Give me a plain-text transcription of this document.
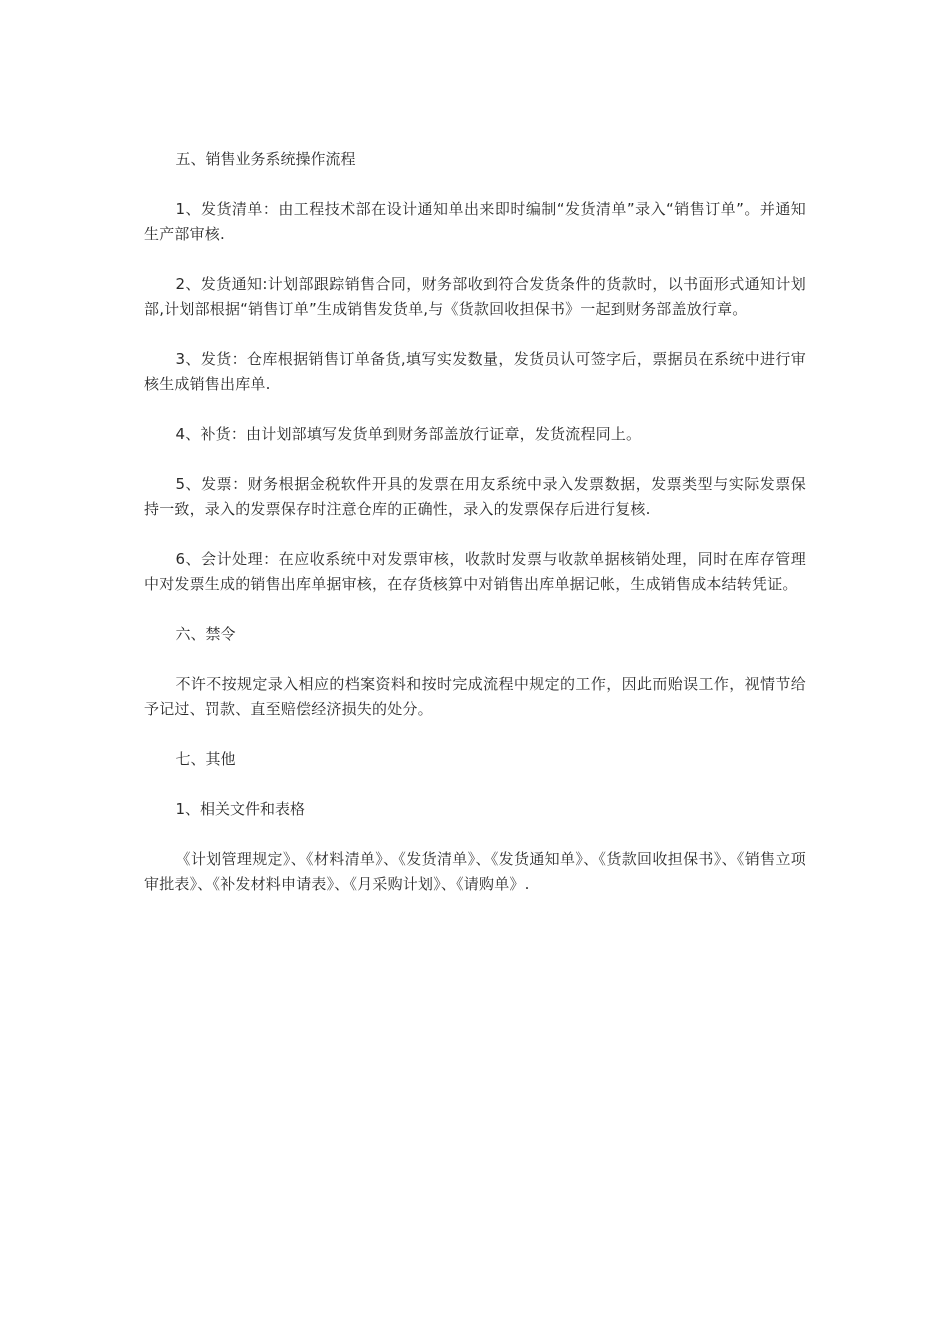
五、销售业务系统操作流程

1、发货清单：由工程技术部在设计通知单出来即时编制“发货清单”录入“销售订单”。并通知生产部审核.

2、发货通知:计划部跟踪销售合同，财务部收到符合发货条件的货款时，以书面形式通知计划部,计划部根据“销售订单”生成销售发货单,与《货款回收担保书》一起到财务部盖放行章。

3、发货：仓库根据销售订单备货,填写实发数量，发货员认可签字后，票据员在系统中进行审核生成销售出库单.

4、补货：由计划部填写发货单到财务部盖放行证章，发货流程同上。

5、发票：财务根据金税软件开具的发票在用友系统中录入发票数据，发票类型与实际发票保持一致，录入的发票保存时注意仓库的正确性，录入的发票保存后进行复核.

6、会计处理：在应收系统中对发票审核，收款时发票与收款单据核销处理，同时在库存管理中对发票生成的销售出库单据审核，在存货核算中对销售出库单据记帐，生成销售成本结转凭证。

六、禁令

不许不按规定录入相应的档案资料和按时完成流程中规定的工作，因此而贻误工作，视情节给予记过、罚款、直至赔偿经济损失的处分。

七、其他

1、相关文件和表格

《计划管理规定》、《材料清单》、《发货清单》、《发货通知单》、《货款回收担保书》、《销售立项审批表》、《补发材料申请表》、《月采购计划》、《请购单》.
